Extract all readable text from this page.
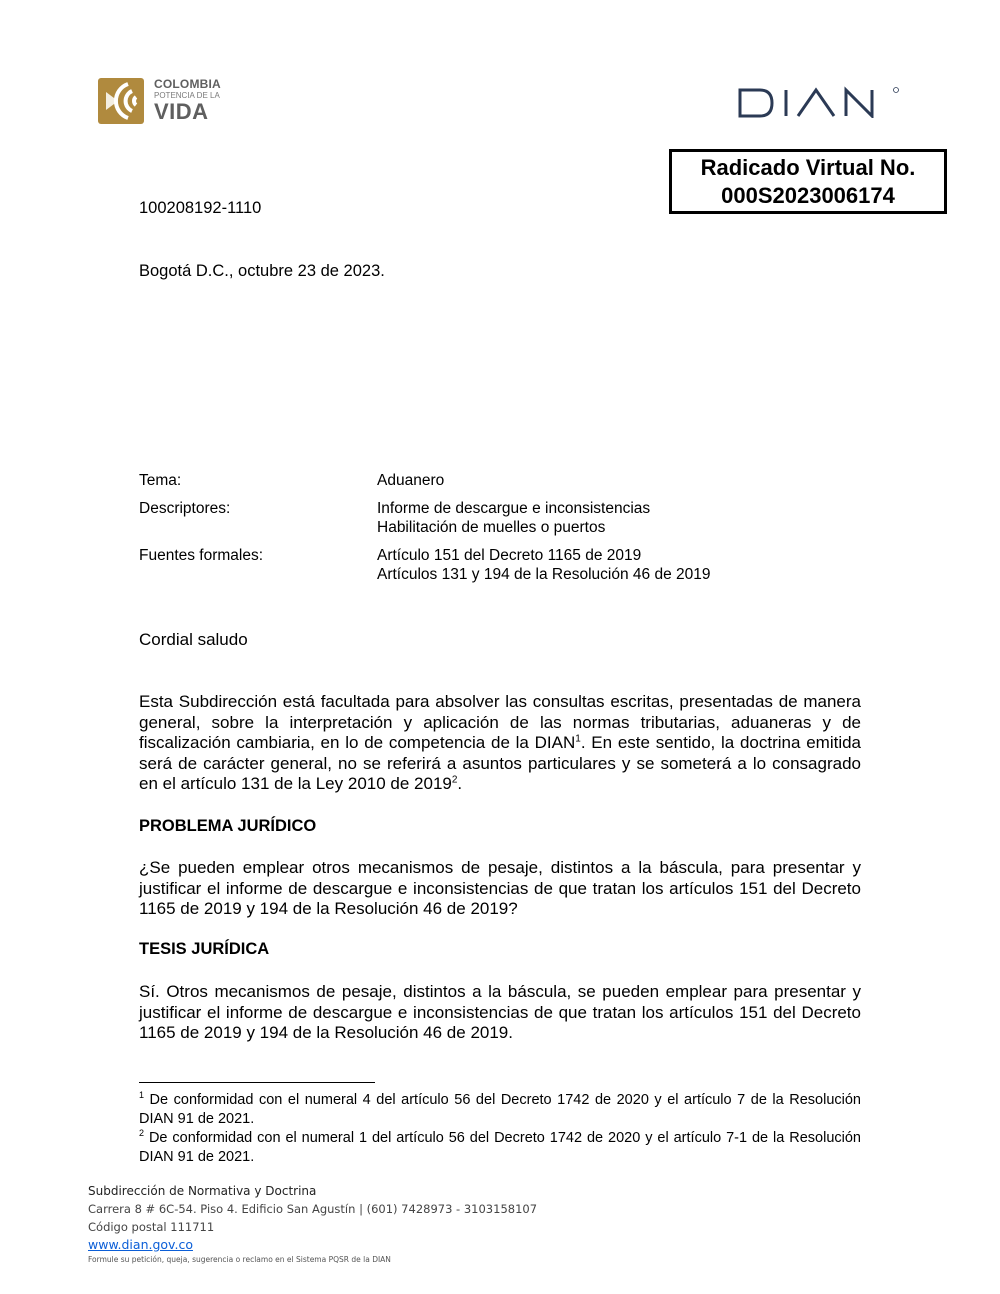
COLOMBIA
POTENCIA DE LA
VIDA
Radicado Virtual No.
000S2023006174
100208192-1110
Bogotá D.C., octubre 23 de 2023.
Tema:	Aduanero
Descriptores:	Informe de descargue e inconsistencias
Habilitación de muelles o puertos
Fuentes formales:	Artículo 151 del Decreto 1165 de 2019
Artículos 131 y 194 de la Resolución 46 de 2019
Cordial saludo
Esta Subdirección está facultada para absolver las consultas escritas, presentadas de manera general, sobre la interpretación y aplicación de las normas tributarias, aduaneras y de fiscalización cambiaria, en lo de competencia de la DIAN$^1$. En este sentido, la doctrina emitida será de carácter general, no se referirá a asuntos particulares y se someterá a lo consagrado en el artículo 131 de la Ley 2010 de 2019$^2$.
PROBLEMA JURÍDICO
¿Se pueden emplear otros mecanismos de pesaje, distintos a la báscula, para presentar y justificar el informe de descargue e inconsistencias de que tratan los artículos 151 del Decreto 1165 de 2019 y 194 de la Resolución 46 de 2019?
TESIS JURÍDICA
Sí. Otros mecanismos de pesaje, distintos a la báscula, se pueden emplear para presentar y justificar el informe de descargue e inconsistencias de que tratan los artículos 151 del Decreto 1165 de 2019 y 194 de la Resolución 46 de 2019.
$^1$ De conformidad con el numeral 4 del artículo 56 del Decreto 1742 de 2020 y el artículo 7 de la Resolución DIAN 91 de 2021.
$^2$ De conformidad con el numeral 1 del artículo 56 del Decreto 1742 de 2020 y el artículo 7-1 de la Resolución DIAN 91 de 2021.
Subdirección de Normativa y Doctrina
Carrera 8 # 6C-54. Piso 4. Edificio San Agustín | (601) 7428973 - 3103158107
Código postal 111711
www.dian.gov.co
Formule su petición, queja, sugerencia o reclamo en el Sistema PQSR de la DIAN
